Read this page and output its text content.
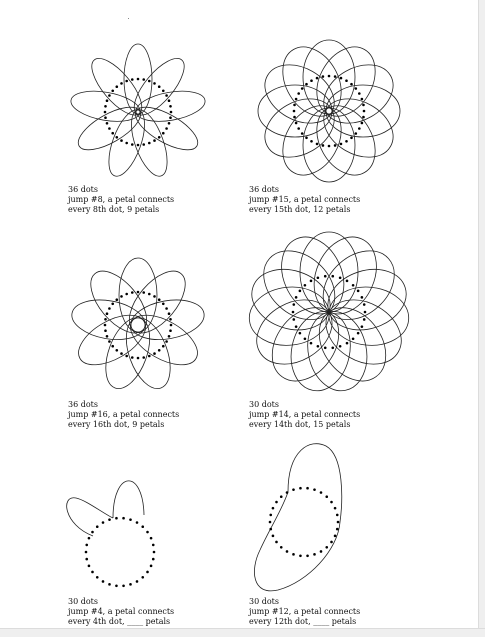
36 dots
jump #8, a petal connects
every 8th dot, 9 petals
36 dots
jump #15, a petal connects
every 15th dot, 12 petals
36 dots
jump #16, a petal connects
every 16th dot, 9 petals
30 dots
jump #14, a petal connects
every 14th dot, 15 petals
30 dots
jump #4, a petal connects
every 4th dot, ____ petals
30 dots
jump #12, a petal connects
every 12th dot, ____ petals
